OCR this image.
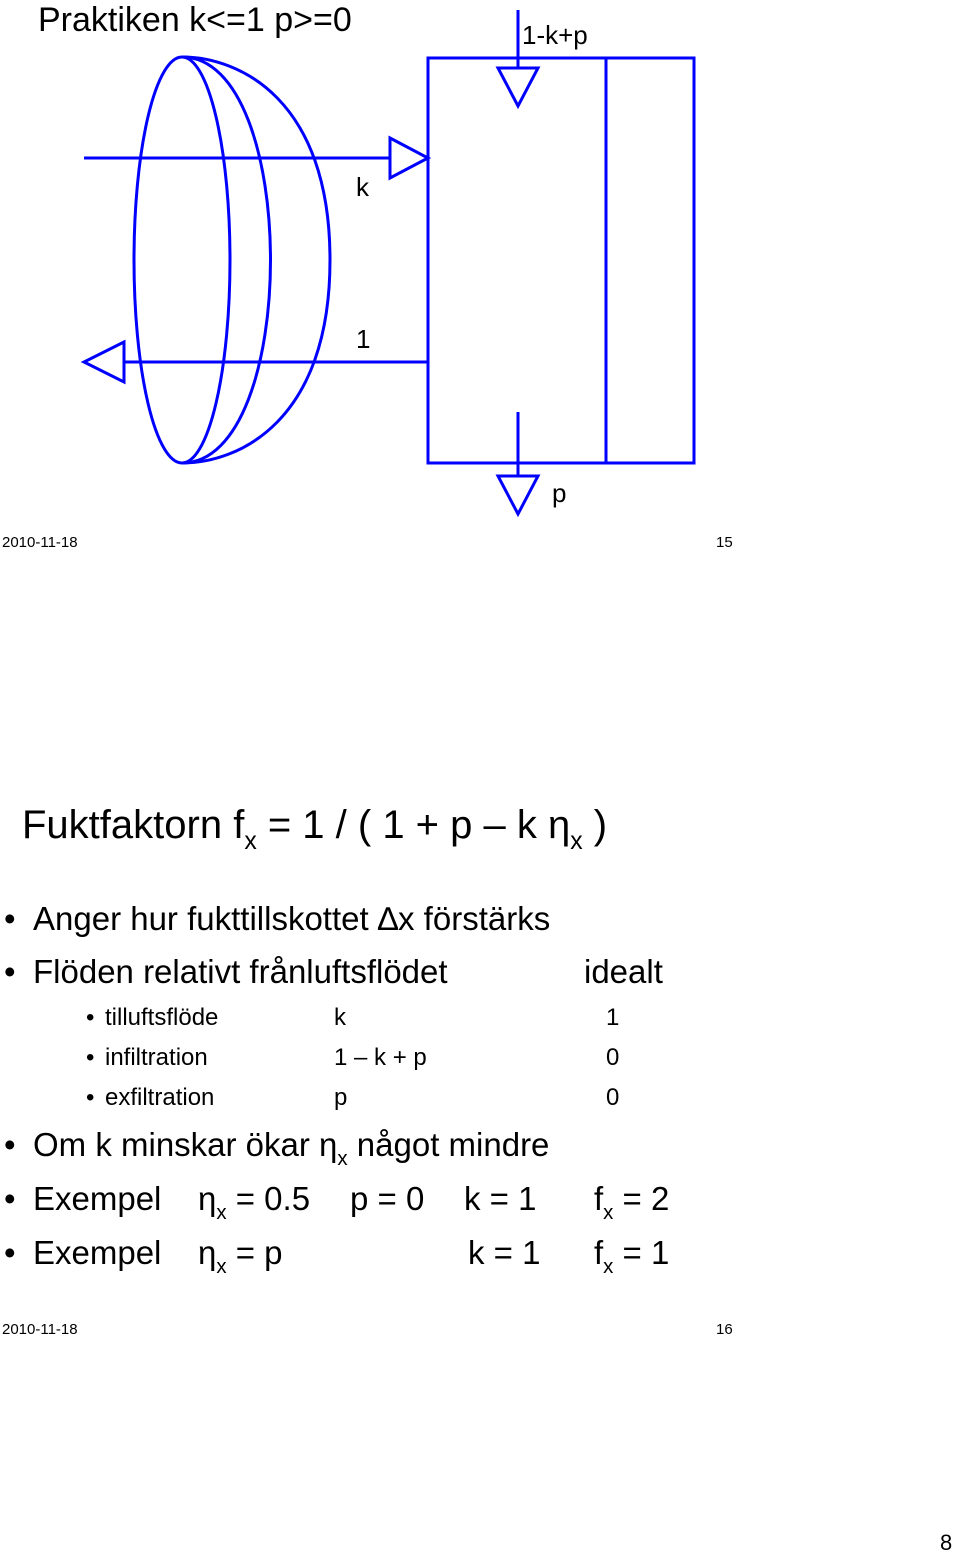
Praktiken k<=1 p>=0	1-k+p
k
1
p
2010-11-18	15
Fuktfaktorn $f_x = 1$ / ( 1 + p – k $\eta_x$ )
• Anger hur fukttillskottet ∆x förstärks
• Flöden relativt frånluftsflödet	idealt
• tilluftsflöde	k	1
• infiltration	1 – k + p	0
• exfiltration	p	0
• Om k minskar ökar $\eta_x$ något mindre
• Exempel $\eta_x = 0.5$ p = 0 k = 1 $f_x = 2$
• Exempel $\eta_x = p$	k = 1 $f_x = 1$
2010-11-18	16
8
